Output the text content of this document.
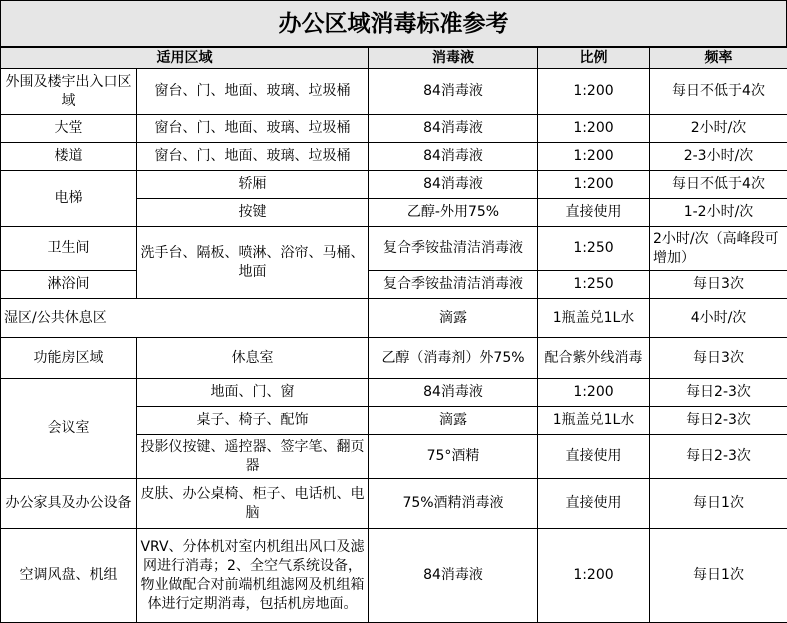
办公区域消毒标准参考
适用区域		消毒液	比例	频率
外围及楼宇出入口区域	窗台、门、地面、玻璃、垃圾桶	84消毒液	1:200	每日不低于4次
大堂	窗台、门、地面、玻璃、垃圾桶	84消毒液	1:200	2小时/次
楼道	窗台、门、地面、玻璃、垃圾桶	84消毒液	1:200	2-3小时/次
电梯	轿厢	84消毒液	1:200	每日不低于4次
	按键	乙醇-外用75%	直接使用	1-2小时/次
卫生间	洗手台、隔板、喷淋、浴帘、马桶、地面	复合季铵盐清洁消毒液	1:250	2小时/次（高峰段可增加）
淋浴间		复合季铵盐清洁消毒液	1:250	每日3次
湿区/公共休息区		滴露	1瓶盖兑1L水	4小时/次
功能房区域	休息室	乙醇（消毒剂）外75%	配合紫外线消毒	每日3次
会议室	地面、门、窗	84消毒液	1:200	每日2-3次
	桌子、椅子、配饰	滴露	1瓶盖兑1L水	每日2-3次
	投影仪按键、遥控器、签字笔、翻页器	75°酒精	直接使用	每日2-3次
办公家具及办公设备	皮肤、办公桌椅、柜子、电话机、电脑	75%酒精消毒液	直接使用	每日1次
空调风盘、机组	VRV、分体机对室内机组出风口及滤网进行消毒；2、全空气系统设备，物业做配合对前端机组滤网及机组箱体进行定期消毒，包括机房地面。	84消毒液	1:200	每日1次
